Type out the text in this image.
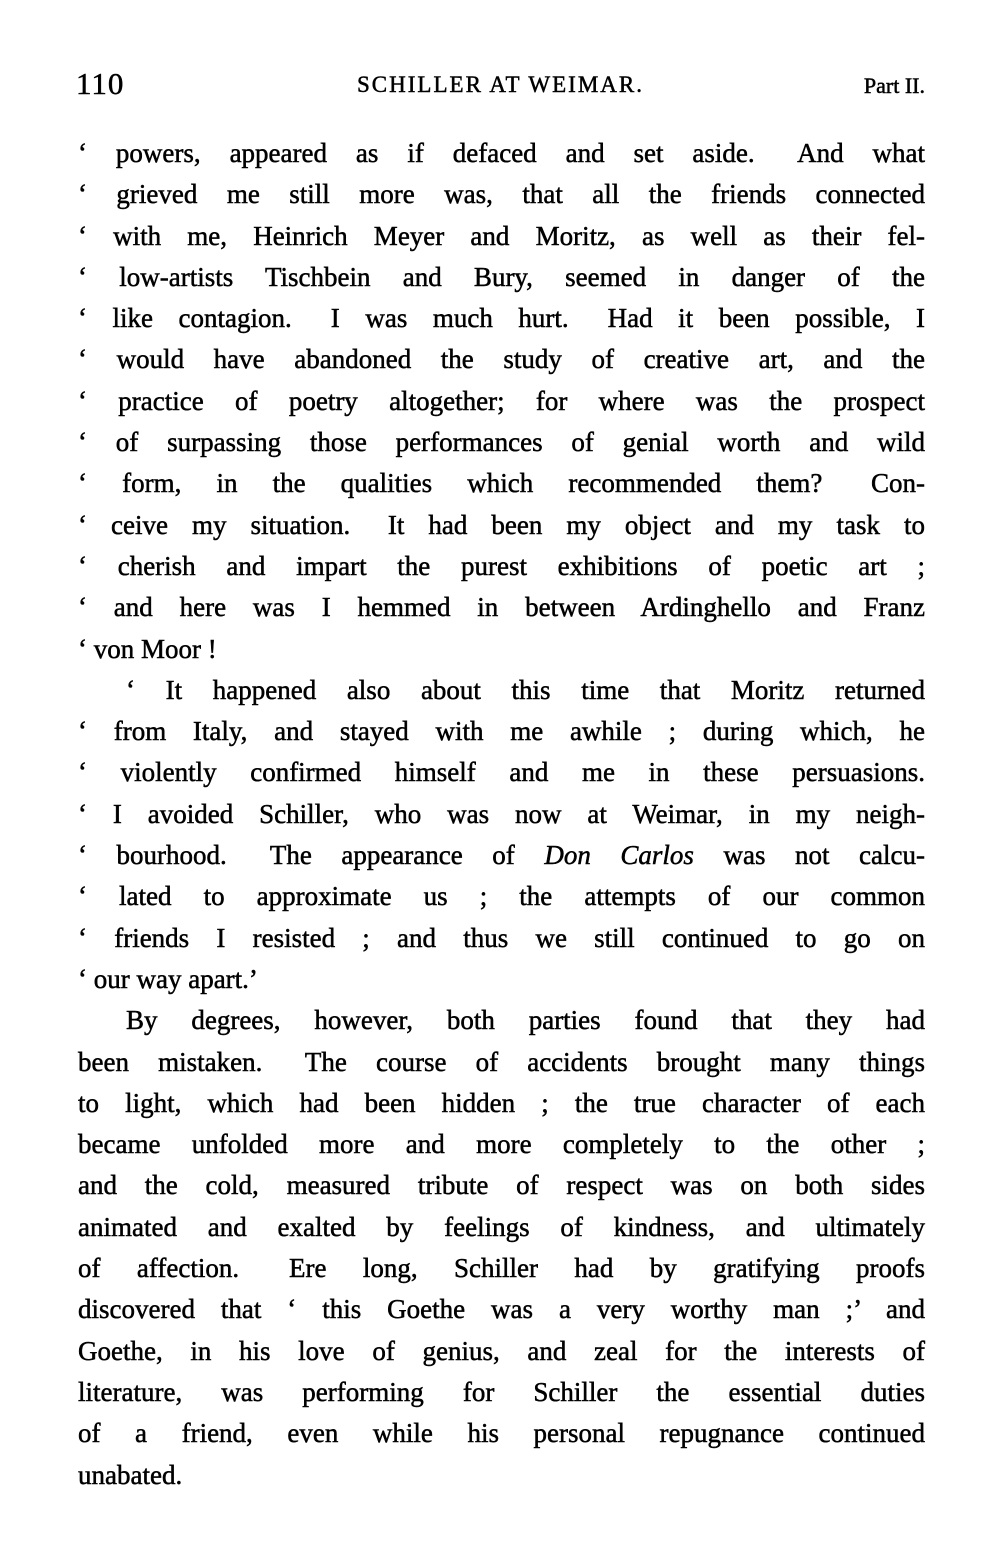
110	SCHILLER AT WEIMAR.	Part II.
‘ powers, appeared as if defaced and set aside.  And what
‘ grieved me still more was, that all the friends connected
‘ with me, Heinrich Meyer and Moritz, as well as their fel-
‘ low-artists Tischbein and Bury, seemed in danger of the
‘ like contagion.  I was much hurt.  Had it been possible, I
‘ would have abandoned the study of creative art, and the
‘ practice of poetry altogether; for where was the prospect
‘ of surpassing those performances of genial worth and wild
‘ form, in the qualities which recommended them?  Con-
‘ ceive my situation.  It had been my object and my task to
‘ cherish and impart the purest exhibitions of poetic art ;
‘ and here was I hemmed in between Ardinghello and Franz
‘ von Moor !
‘ It happened also about this time that Moritz returned
‘ from Italy, and stayed with me awhile ; during which, he
‘ violently confirmed himself and me in these persuasions.
‘ I avoided Schiller, who was now at Weimar, in my neigh-
‘ bourhood.  The appearance of Don Carlos was not calcu-
‘ lated to approximate us ; the attempts of our common
‘ friends I resisted ; and thus we still continued to go on
‘ our way apart.’
By degrees, however, both parties found that they had
been mistaken.  The course of accidents brought many things
to light, which had been hidden ; the true character of each
became unfolded more and more completely to the other ;
and the cold, measured tribute of respect was on both sides
animated and exalted by feelings of kindness, and ultimately
of affection.  Ere long, Schiller had by gratifying proofs
discovered that ‘ this Goethe was a very worthy man ;’ and
Goethe, in his love of genius, and zeal for the interests of
literature, was performing for Schiller the essential duties
of a friend, even while his personal repugnance continued
unabated.
